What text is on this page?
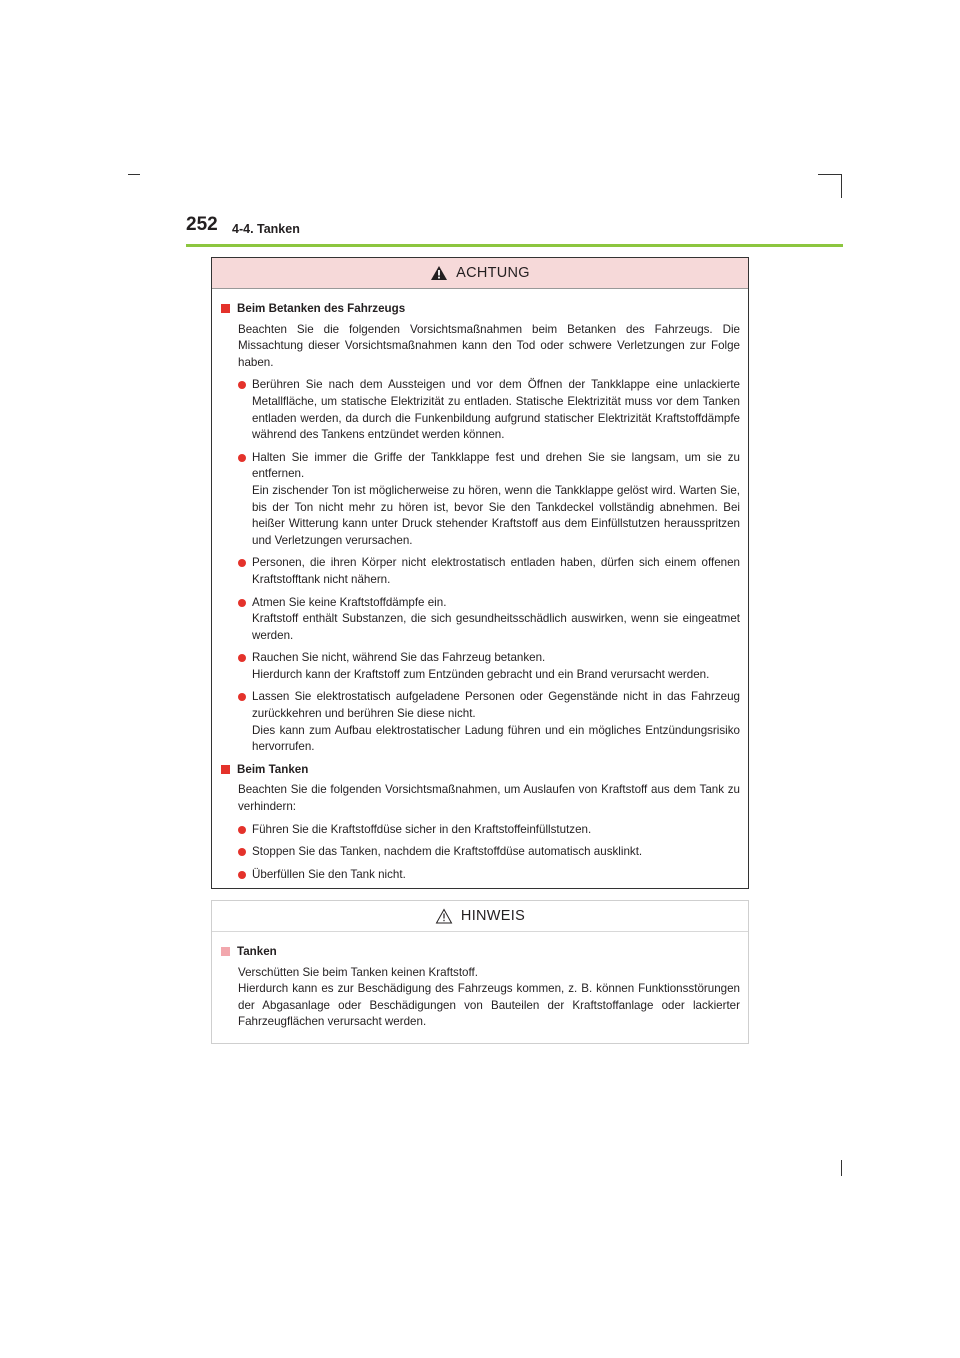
252 4-4. Tanken
ACHTUNG
Beim Betanken des Fahrzeugs
Beachten Sie die folgenden Vorsichtsmaßnahmen beim Betanken des Fahrzeugs. Die Missachtung dieser Vorsichtsmaßnahmen kann den Tod oder schwere Verletzungen zur Folge haben.
Berühren Sie nach dem Aussteigen und vor dem Öffnen der Tankklappe eine unlackierte Metallfläche, um statische Elektrizität zu entladen. Statische Elektrizität muss vor dem Tanken entladen werden, da durch die Funkenbildung aufgrund statischer Elektrizität Kraftstoffdämpfe während des Tankens entzündet werden können.
Halten Sie immer die Griffe der Tankklappe fest und drehen Sie sie langsam, um sie zu entfernen.
Ein zischender Ton ist möglicherweise zu hören, wenn die Tankklappe gelöst wird. Warten Sie, bis der Ton nicht mehr zu hören ist, bevor Sie den Tankdeckel vollständig abnehmen. Bei heißer Witterung kann unter Druck stehender Kraftstoff aus dem Einfüllstutzen herausspritzen und Verletzungen verursachen.
Personen, die ihren Körper nicht elektrostatisch entladen haben, dürfen sich einem offenen Kraftstofftank nicht nähern.
Atmen Sie keine Kraftstoffdämpfe ein.
Kraftstoff enthält Substanzen, die sich gesundheitsschädlich auswirken, wenn sie eingeatmet werden.
Rauchen Sie nicht, während Sie das Fahrzeug betanken.
Hierdurch kann der Kraftstoff zum Entzünden gebracht und ein Brand verursacht werden.
Lassen Sie elektrostatisch aufgeladene Personen oder Gegenstände nicht in das Fahrzeug zurückkehren und berühren Sie diese nicht.
Dies kann zum Aufbau elektrostatischer Ladung führen und ein mögliches Entzündungsrisiko hervorrufen.
Beim Tanken
Beachten Sie die folgenden Vorsichtsmaßnahmen, um Auslaufen von Kraftstoff aus dem Tank zu verhindern:
Führen Sie die Kraftstoffdüse sicher in den Kraftstoffeinfüllstutzen.
Stoppen Sie das Tanken, nachdem die Kraftstoffdüse automatisch ausklinkt.
Überfüllen Sie den Tank nicht.
HINWEIS
Tanken
Verschütten Sie beim Tanken keinen Kraftstoff.
Hierdurch kann es zur Beschädigung des Fahrzeugs kommen, z. B. können Funktionsstörungen der Abgasanlage oder Beschädigungen von Bauteilen der Kraftstoffanlage oder lackierter Fahrzeugflächen verursacht werden.
